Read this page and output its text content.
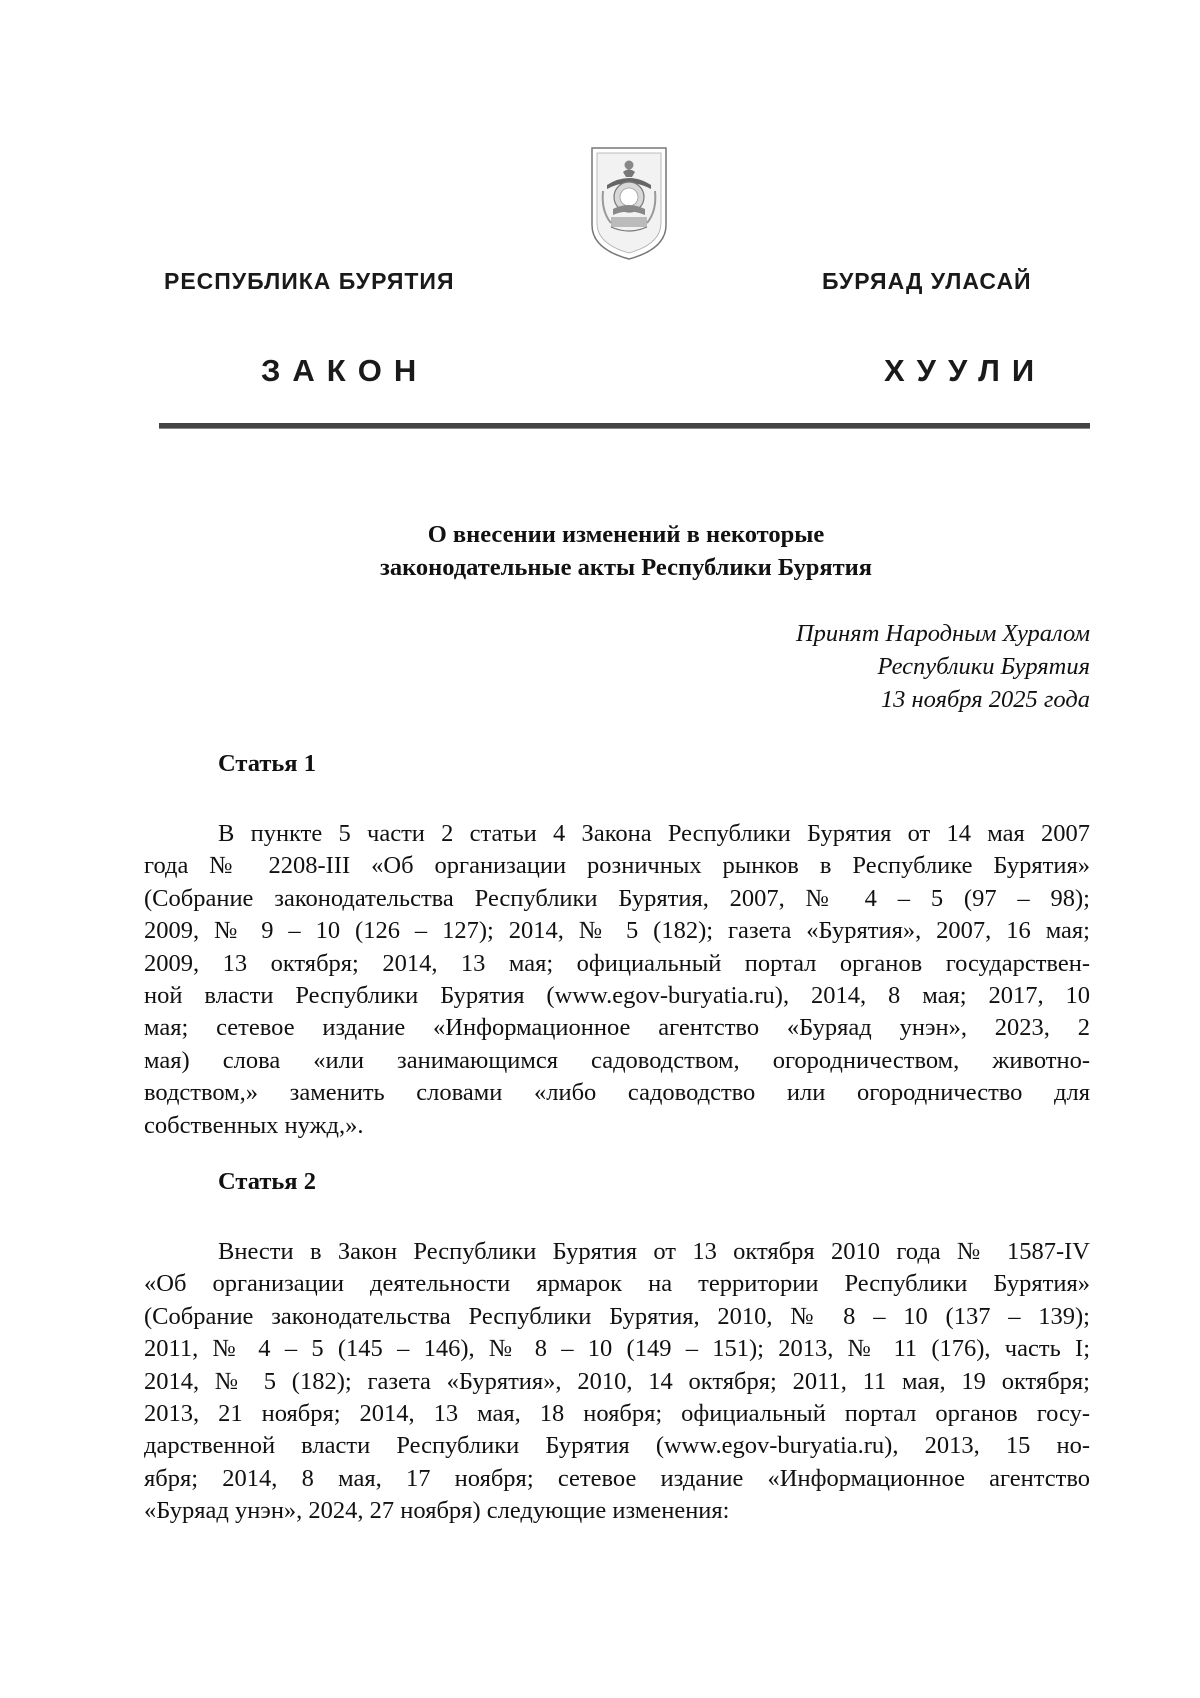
РЕСПУБЛИКА БУРЯТИЯ	БУРЯАД УЛАСАЙ
ЗАКОН	ХУУЛИ
О внесении изменений в некоторые
законодательные акты Республики Бурятия
Принят Народным Хуралом
Республики Бурятия
13 ноября 2025 года
Статья 1
В пункте 5 части 2 статьи 4 Закона Республики Бурятия от 14 мая 2007
года № 2208-III «Об организации розничных рынков в Республике Бурятия»
(Собрание законодательства Республики Бурятия, 2007, № 4 – 5 (97 – 98);
2009, № 9 – 10 (126 – 127); 2014, № 5 (182); газета «Бурятия», 2007, 16 мая;
2009, 13 октября; 2014, 13 мая; официальный портал органов государствен-
ной власти Республики Бурятия (www.egov-buryatia.ru), 2014, 8 мая; 2017, 10
мая; сетевое издание «Информационное агентство «Буряад унэн», 2023, 2
мая) слова «или занимающимся садоводством, огородничеством, животно-
водством,» заменить словами «либо садоводство или огородничество для
собственных нужд,».
Статья 2
Внести в Закон Республики Бурятия от 13 октября 2010 года № 1587-IV
«Об организации деятельности ярмарок на территории Республики Бурятия»
(Собрание законодательства Республики Бурятия, 2010, № 8 – 10 (137 – 139);
2011, № 4 – 5 (145 – 146), № 8 – 10 (149 – 151); 2013, № 11 (176), часть I;
2014, № 5 (182); газета «Бурятия», 2010, 14 октября; 2011, 11 мая, 19 октября;
2013, 21 ноября; 2014, 13 мая, 18 ноября; официальный портал органов госу-
дарственной власти Республики Бурятия (www.egov-buryatia.ru), 2013, 15 но-
ября; 2014, 8 мая, 17 ноября; сетевое издание «Информационное агентство
«Буряад унэн», 2024, 27 ноября) следующие изменения:
